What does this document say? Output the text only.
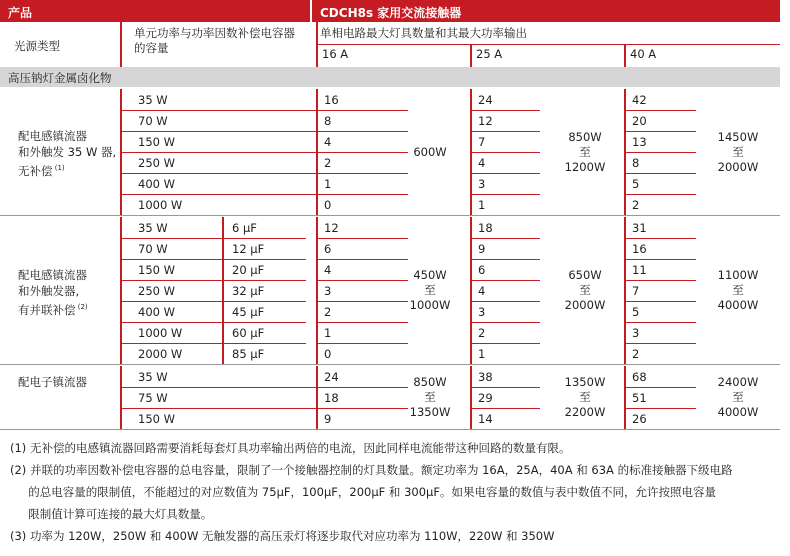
产品	CDCH8s 家用交流接触器
光源类型
单元功率与功率因数补偿电容器的容量
单相电路最大灯具数量和其最大功率输出
16 A	25 A	40 A
高压钠灯金属卤化物
配电感镇流器
和外触发 35 W 器,
无补偿 $^{(1)}$
35 W	16	24	42
70 W	8	12	20
150 W	4	7	13
250 W	2	4	8
400 W	1	3	5
1000 W	0	1	2
600W
850W
至
1200W
1450W
至
2000W
配电感镇流器
和外触发器,
有并联补偿 $^{(2)}$
35 W	6 μF	12	18	31
70 W	12 μF	6	9	16
150 W	20 μF	4	6	11
250 W	32 μF	3	4	7
400 W	45 μF	2	3	5
1000 W	60 μF	1	2	3
2000 W	85 μF	0	1	2
450W
至
1000W
650W
至
2000W
1100W
至
4000W
配电子镇流器	35 W	24	38	68
75 W	18	29	51
150 W	9	14	26
850W
至
1350W
1350W
至
2200W
2400W
至
4000W
(1) 无补偿的电感镇流器回路需要消耗每套灯具功率输出两倍的电流，因此同样电流能带这种回路的数量有限。
(2) 并联的功率因数补偿电容器的总电容量，限制了一个接触器控制的灯具数量。额定功率为 16A，25A，40A 和 63A 的标准接触器下级电路
的总电容量的限制值，不能超过的对应数值为 75μF，100μF，200μF 和 300μF。如果电容量的数值与表中数值不同，允许按照电容量
限制值计算可连接的最大灯具数量。
(3) 功率为 120W，250W 和 400W 无触发器的高压汞灯将逐步取代对应功率为 110W，220W 和 350W
